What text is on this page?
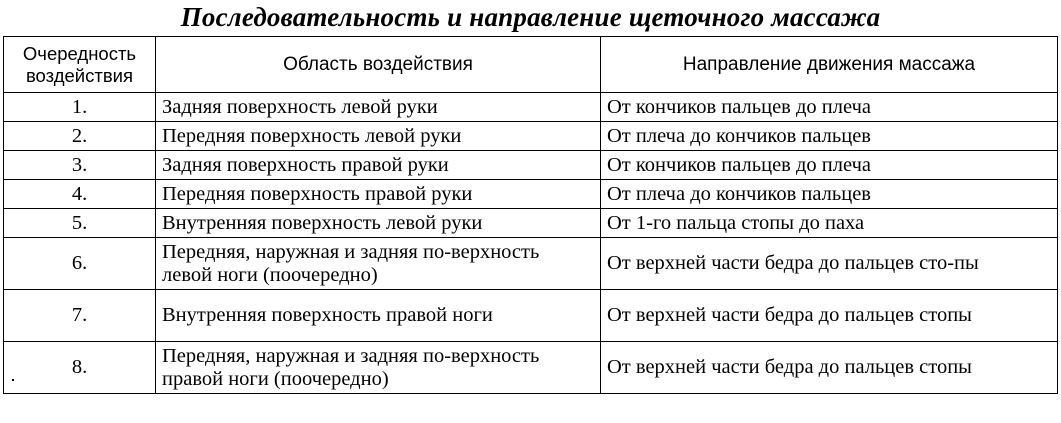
Последовательность и направление щеточного массажа
Очередность воздействия	Область воздействия	Направление движения массажа
1.	Задняя поверхность левой руки	От кончиков пальцев до плеча
2.	Передняя поверхность левой руки	От плеча до кончиков пальцев
3.	Задняя поверхность правой руки	От кончиков пальцев до плеча
4.	Передняя поверхность правой руки	От плеча до кончиков пальцев
5.	Внутренняя поверхность левой руки	От 1-го пальца стопы до паха
6.	Передняя, наружная и задняя по-верхность левой ноги (поочередно)	От верхней части бедра до пальцев сто-пы
7.	Внутренняя поверхность правой ноги	От верхней части бедра до пальцев стопы
8.	Передняя, наружная и задняя по-верхность правой ноги (поочередно)	От верхней части бедра до пальцев стопы
